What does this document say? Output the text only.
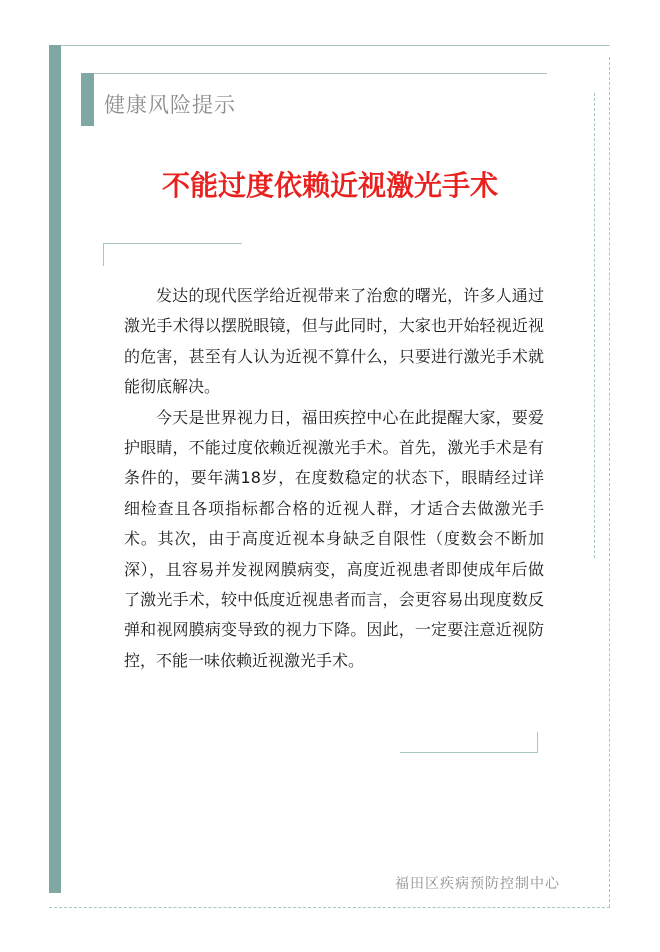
健康风险提示
不能过度依赖近视激光手术

发达的现代医学给近视带来了治愈的曙光，许多人通过激光手术得以摆脱眼镜，但与此同时，大家也开始轻视近视的危害，甚至有人认为近视不算什么，只要进行激光手术就能彻底解决。

今天是世界视力日，福田疾控中心在此提醒大家，要爱护眼睛，不能过度依赖近视激光手术。首先，激光手术是有条件的，要年满18岁，在度数稳定的状态下，眼睛经过详细检查且各项指标都合格的近视人群，才适合去做激光手术。其次，由于高度近视本身缺乏自限性（度数会不断加深），且容易并发视网膜病变，高度近视患者即使成年后做了激光手术，较中低度近视患者而言，会更容易出现度数反弹和视网膜病变导致的视力下降。因此，一定要注意近视防控，不能一味依赖近视激光手术。

福田区疾病预防控制中心
